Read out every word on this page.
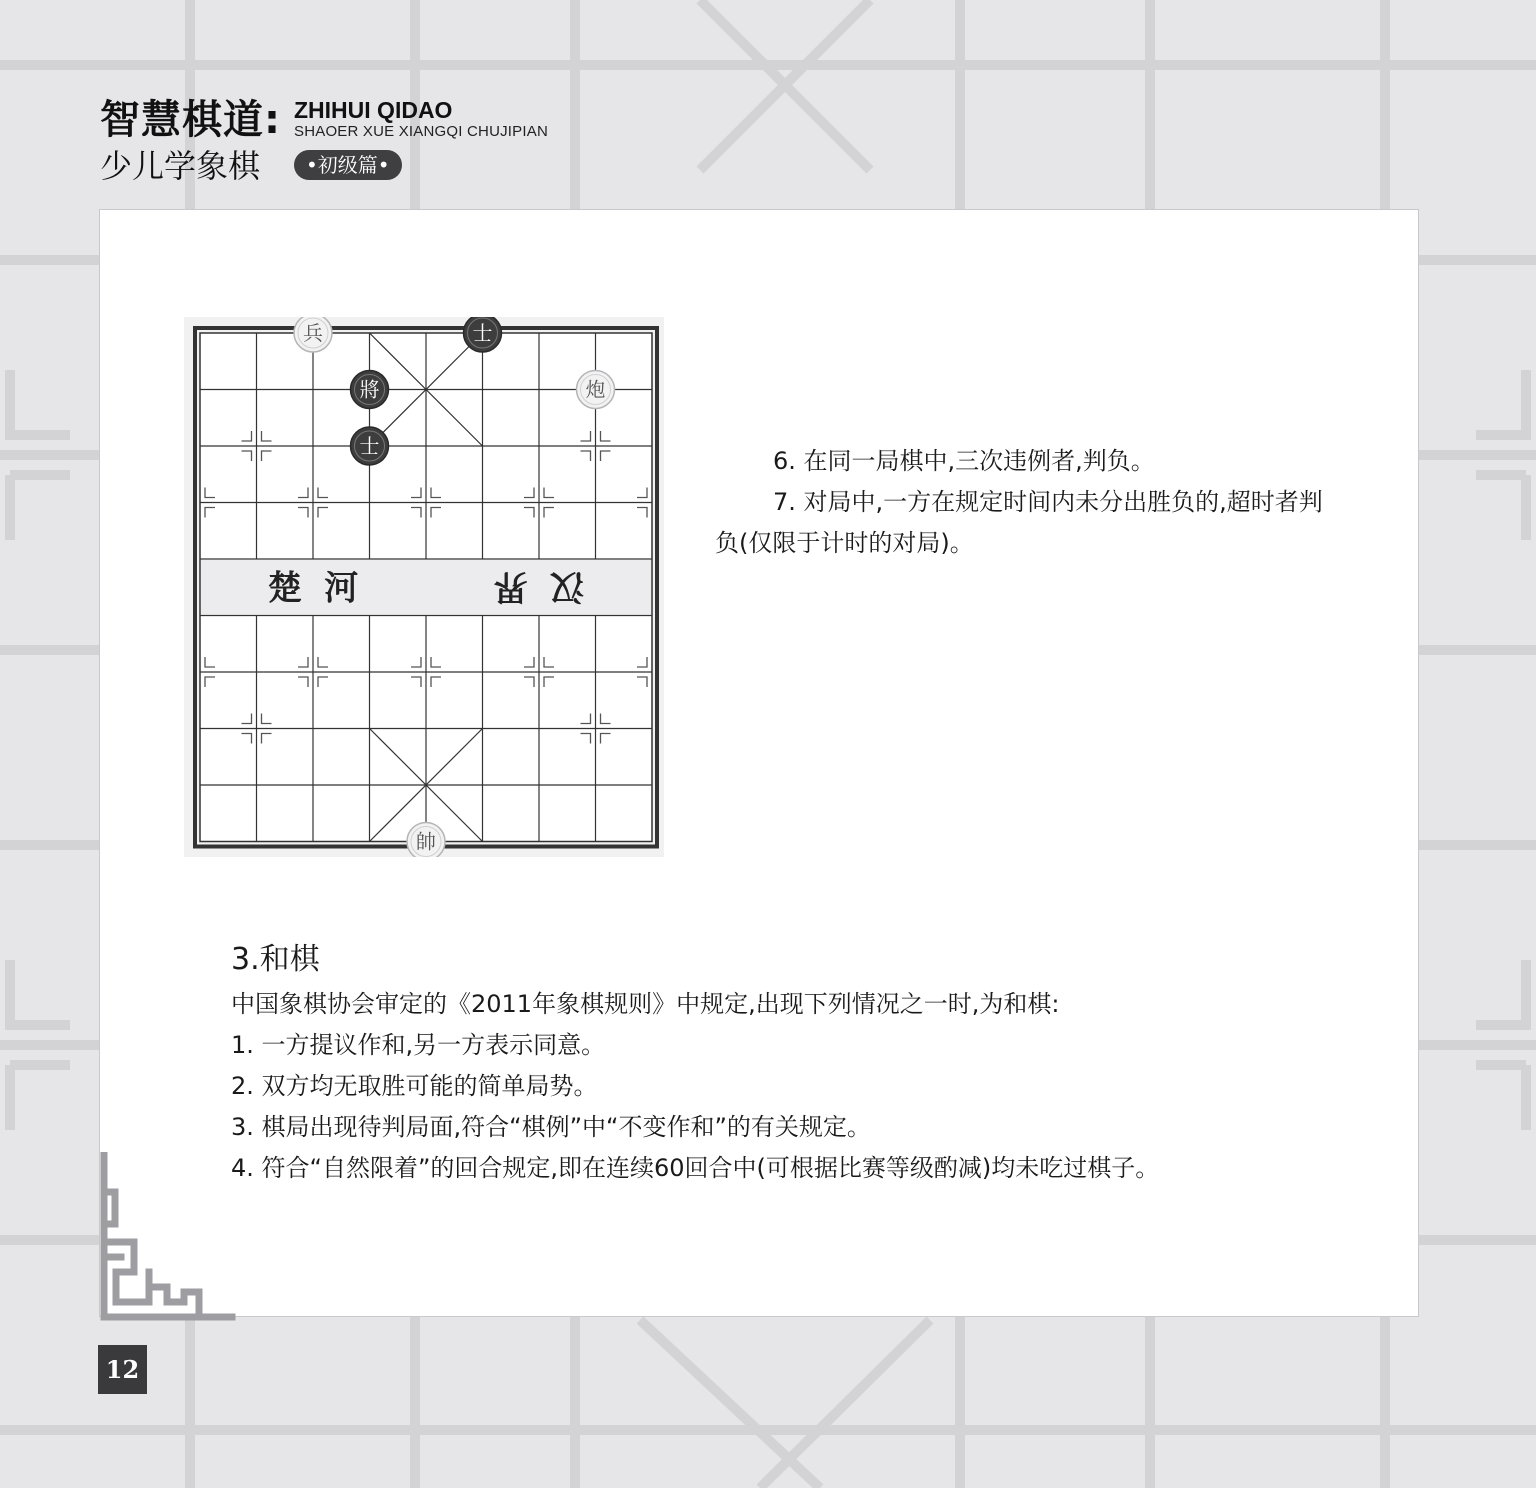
智慧棋道: ZHIHUI QIDAO
SHAOER XUE XIANGQI CHUJIPIAN
少儿学象棋	•初级篇•
楚 河	汉
界
兵	士
將	炮
士
帥

6. 在同一局棋中,三次违例者,判负。

7. 对局中,一方在规定时间内未分出胜负的,超时者判负(仅限于计时的对局)。

3.和棋

中国象棋协会审定的《2011年象棋规则》中规定,出现下列情况之一时,为和棋:

1. 一方提议作和,另一方表示同意。

2. 双方均无取胜可能的简单局势。

3. 棋局出现待判局面,符合“棋例”中“不变作和”的有关规定。

4. 符合“自然限着”的回合规定,即在连续60回合中(可根据比赛等级酌减)均未吃过棋子。

12
